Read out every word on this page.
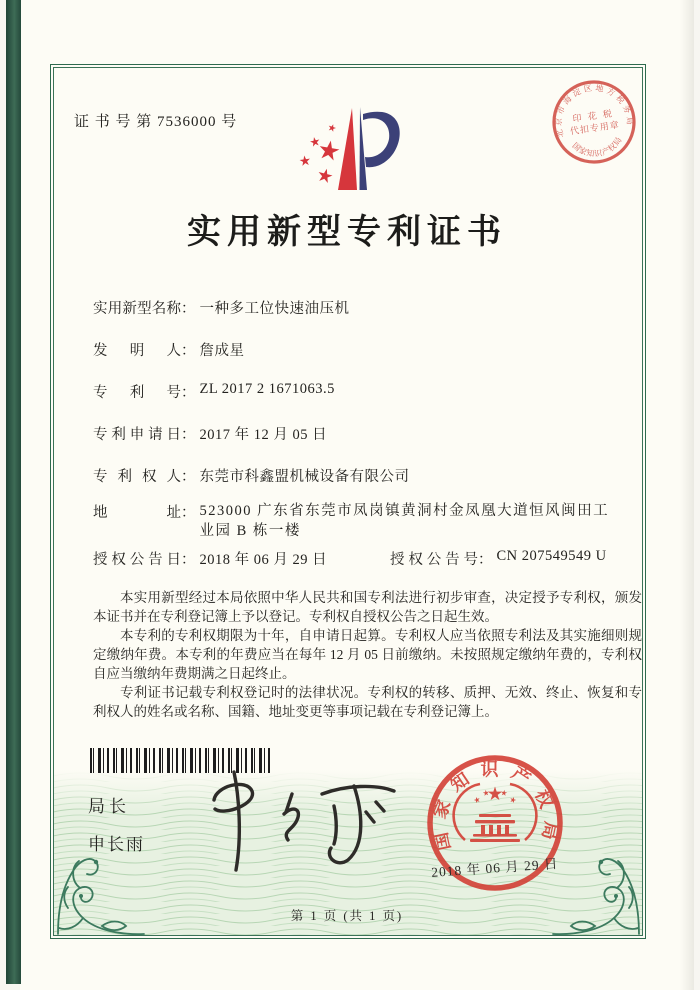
证 书 号 第 7536000 号
实用新型专利证书
实用新型名称： 一种多工位快速油压机
发明人： 詹成星
专利号： ZL 2017 2 1671063.5
专利申请日： 2017 年 12 月 05 日
专利权人： 东莞市科鑫盟机械设备有限公司
地址： 523000 广东省东莞市凤岗镇黄洞村金凤凰大道恒风闽田工业园 B 栋一楼
授权公告日： 2018 年 06 月 29 日	授权公告号： CN 207549549 U

本实用新型经过本局依照中华人民共和国专利法进行初步审查，决定授予专利权，颁发本证书并在专利登记簿上予以登记。专利权自授权公告之日起生效。

本专利的专利权期限为十年，自申请日起算。专利权人应当依照专利法及其实施细则规定缴纳年费。本专利的年费应当在每年 12 月 05 日前缴纳。未按照规定缴纳年费的，专利权自应当缴纳年费期满之日起终止。

专利证书记载专利权登记时的法律状况。专利权的转移、质押、无效、终止、恢复和专利权人的姓名或名称、国籍、地址变更等事项记载在专利登记簿上。

局长
申长雨	国家知识产权局
2018 年 06 月 29 日
北京市海淀区地方税务局
国家知识产权局
印 花 税
代扣专用章
第 1 页 (共 1 页)
